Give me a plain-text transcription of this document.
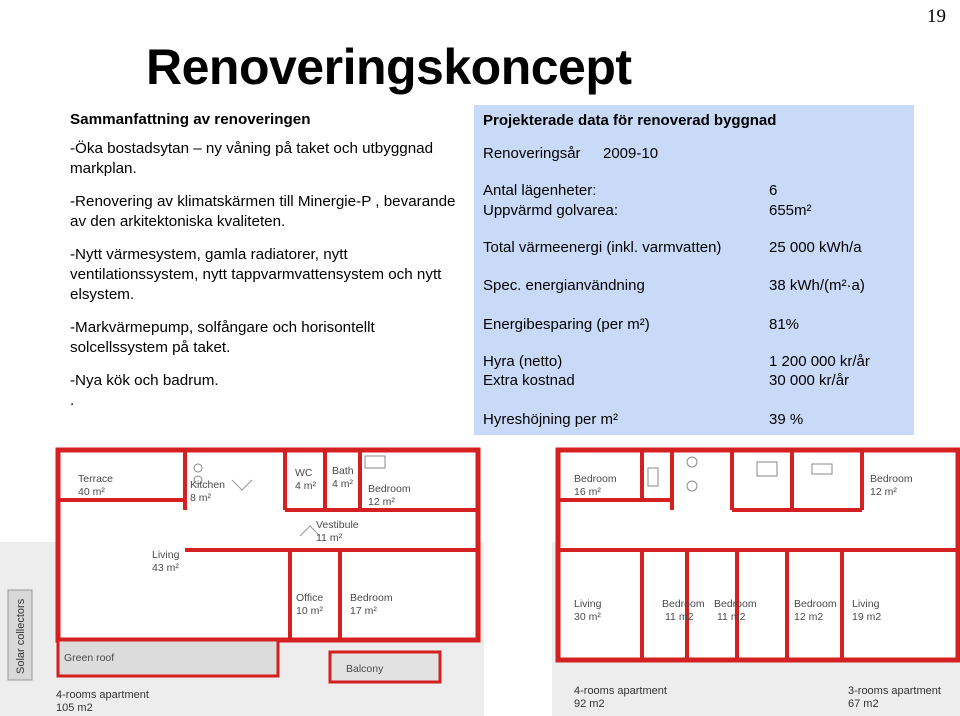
19
Renoveringskoncept
Sammanfattning av renoveringen
-Öka bostadsytan – ny våning på taket och utbyggnad markplan.
-Renovering av klimatskärmen till Minergie-P , bevarande av den arkitektoniska kvaliteten.
-Nytt värmesystem, gamla radiatorer, nytt ventilationssystem, nytt tappvarmvattensystem och nytt elsystem.
-Markvärmepump, solfångare och horisontellt solcellssystem på taket.
-Nya kök och badrum.
.
Projekterade data för renoverad byggnad
Renoveringsår 2009-10
Antal lägenheter:	6
Uppvärmd golvarea:	655m²
Total värmeenergi (inkl. varmvatten)	25 000 kWh/a
Spec. energianvändning	38 kWh/(m²·a)
Energibesparing (per m²)	81%
Hyra (netto)	1 200 000 kr/år
Extra kostnad	30 000 kr/år
Hyreshöjning per m²	39 %
Terrace
40 m²
Kitchen
8 m²
WC
4 m²
Bath
4 m² Bedroom
12 m²
Vestibule
11 m²
Living
43 m²
Office
10 m²
Bedroom
17 m²
Green roof
Balcony
Solar collectors
4-rooms apartment
105 m2
Bedroom
16 m²
Bedroom
12 m²
Living
30 m²
Bedroom
11 m2
Bedroom
11 m2
Bedroom
12 m2
Living
19 m2
4-rooms apartment
92 m2
3-rooms apartment
67 m2
